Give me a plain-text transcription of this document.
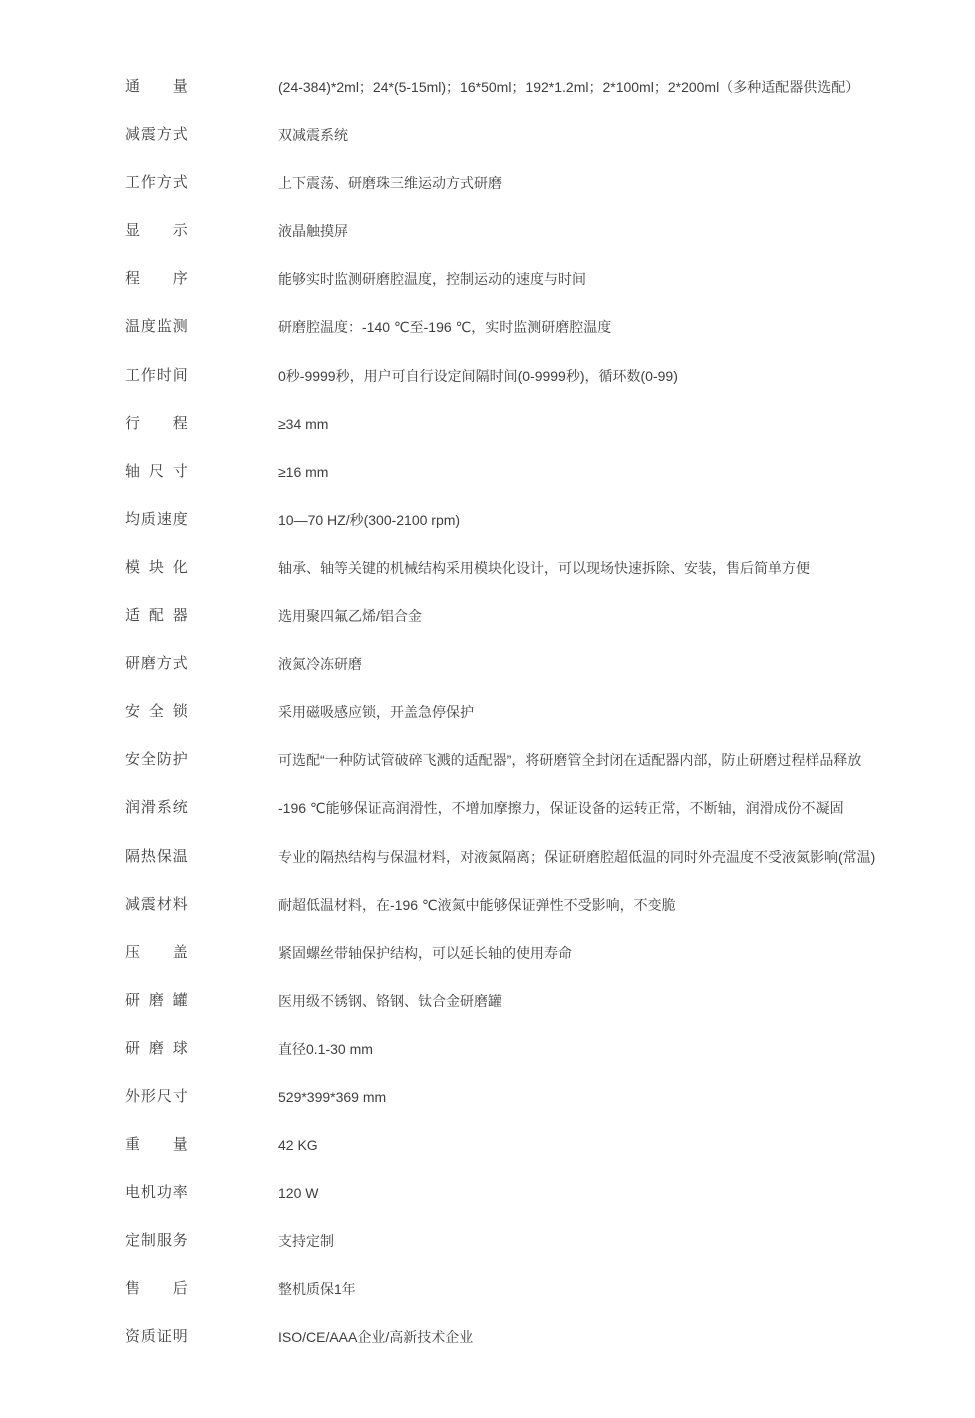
通量	(24-384)*2ml；24*(5-15ml)；16*50ml；192*1.2ml；2*100ml；2*200ml（多种适配器供选配）
减震方式	双减震系统
工作方式	上下震荡、研磨珠三维运动方式研磨
显示	液晶触摸屏
程序	能够实时监测研磨腔温度，控制运动的速度与时间
温度监测	研磨腔温度：-140 ℃至-196 ℃，实时监测研磨腔温度
工作时间	0秒-9999秒，用户可自行设定间隔时间(0-9999秒)，循环数(0-99)
行程	≥34 mm
轴尺寸	≥16 mm
均质速度	10—70 HZ/秒(300-2100 rpm)
模块化	轴承、轴等关键的机械结构采用模块化设计，可以现场快速拆除、安装，售后简单方便
适配器	选用聚四氟乙烯/铝合金
研磨方式	液氮冷冻研磨
安全锁	采用磁吸感应锁，开盖急停保护
安全防护	可选配“一种防试管破碎飞溅的适配器”，将研磨管全封闭在适配器内部，防止研磨过程样品释放
润滑系统	-196 ℃能够保证高润滑性，不增加摩擦力，保证设备的运转正常，不断轴，润滑成份不凝固
隔热保温	专业的隔热结构与保温材料，对液氮隔离；保证研磨腔超低温的同时外壳温度不受液氮影响(常温)
减震材料	耐超低温材料，在-196 ℃液氮中能够保证弹性不受影响，不变脆
压盖	紧固螺丝带轴保护结构，可以延长轴的使用寿命
研磨罐	医用级不锈钢、铬钢、钛合金研磨罐
研磨球	直径0.1-30 mm
外形尺寸	529*399*369 mm
重量	42 KG
电机功率	120 W
定制服务	支持定制
售后	整机质保1年
资质证明	ISO/CE/AAA企业/高新技术企业
